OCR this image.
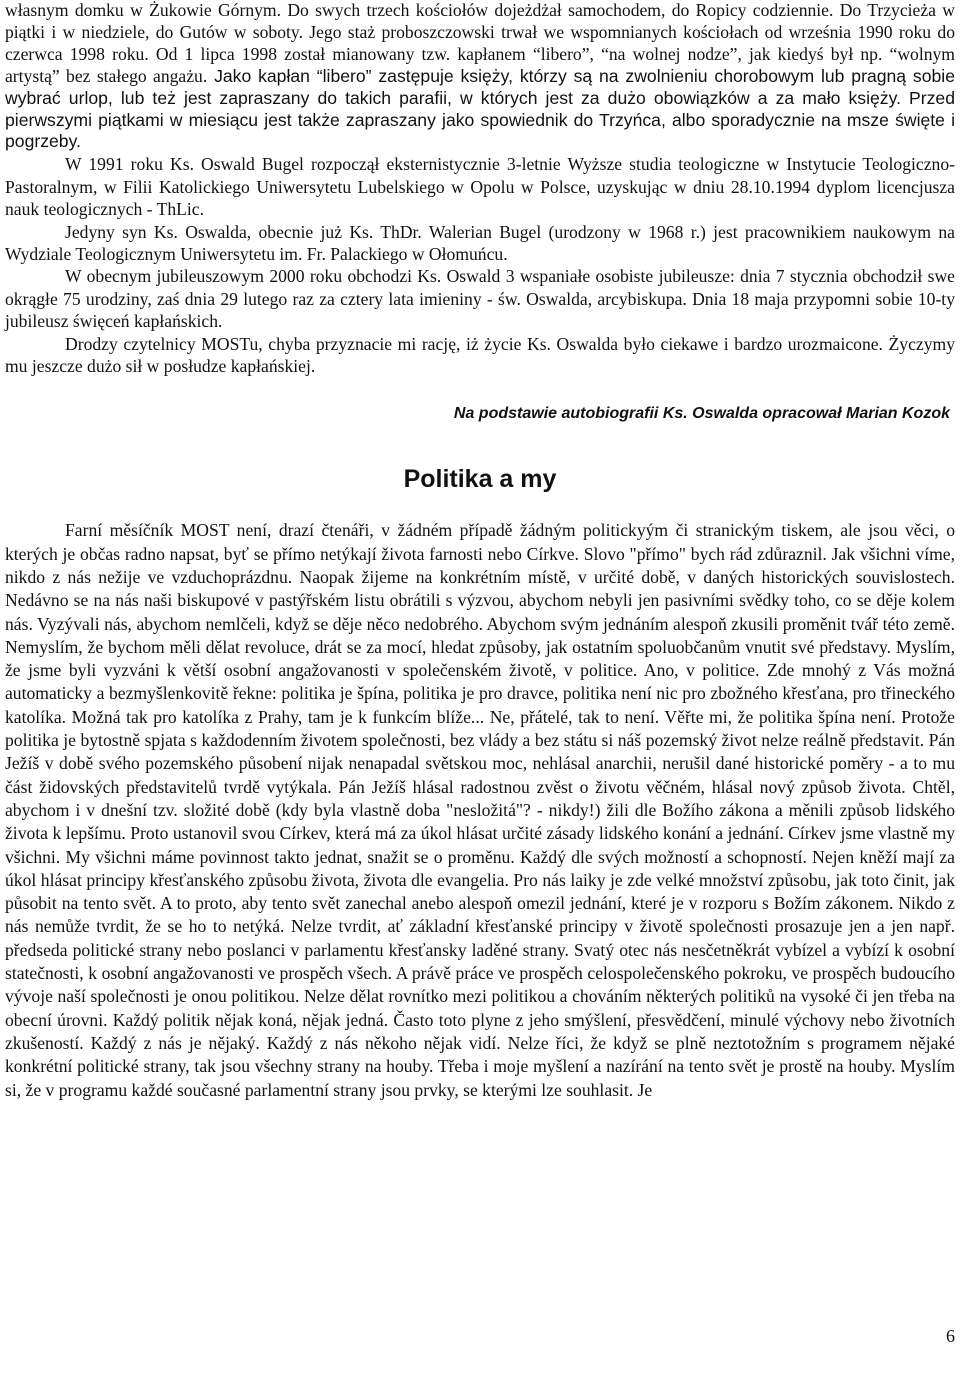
własnym domku w Żukowie Górnym. Do swych trzech kościołów dojeżdżał samochodem, do Ropicy codziennie. Do Trzycieża w piątki i w niedziele, do Gutów w soboty. Jego staż proboszczowski trwał we wspomnianych kościołach od września 1990 roku do czerwca 1998 roku. Od 1 lipca 1998 został mianowany tzw. kapłanem “libero”, “na wolnej nodze”, jak kiedyś był np. “wolnym artystą” bez stałego angażu. Jako kapłan “libero” zastępuje księży, którzy są na zwolnieniu chorobowym lub pragną sobie wybrać urlop, lub też jest zapraszany do takich parafii, w których jest za dużo obowiązków a za mało księży. Przed pierwszymi piątkami w miesiącu jest także zapraszany jako spowiednik do Trzyńca, albo sporadycznie na msze święte i pogrzeby.

W 1991 roku Ks. Oswald Bugel rozpoczął eksternistycznie 3-letnie Wyższe studia teologiczne w Instytucie Teologiczno-Pastoralnym, w Filii Katolickiego Uniwersytetu Lubelskiego w Opolu w Polsce, uzyskując w dniu 28.10.1994 dyplom licencjusza nauk teologicznych - ThLic.

Jedyny syn Ks. Oswalda, obecnie już Ks. ThDr. Walerian Bugel (urodzony w 1968 r.) jest pracownikiem naukowym na Wydziale Teologicznym Uniwersytetu im. Fr. Palackiego w Ołomuńcu.

W obecnym jubileuszowym 2000 roku obchodzi Ks. Oswald 3 wspaniałe osobiste jubileusze: dnia 7 stycznia obchodził swe okrągłe 75 urodziny, zaś dnia 29 lutego raz za cztery lata imieniny - św. Oswalda, arcybiskupa. Dnia 18 maja przypomni sobie 10-ty jubileusz święceń kapłańskich.

Drodzy czytelnicy MOSTu, chyba przyznacie mi rację, iż życie Ks. Oswalda było ciekawe i bardzo urozmaicone. Życzymy mu jeszcze dużo sił w posłudze kapłańskiej.

Na podstawie autobiografii Ks. Oswalda opracował Marian Kozok

Politika a my

Farní měsíčník MOST není, drazí čtenáři, v žádném případě žádným politickyým či stranickým tiskem, ale jsou věci, o kterých je občas radno napsat, byť se přímo netýkají života farnosti nebo Církve. Slovo "přímo" bych rád zdůraznil. Jak všichni víme, nikdo z nás nežije ve vzduchoprázdnu. Naopak žijeme na konkrétním místě, v určité době, v daných historických souvislostech. Nedávno se na nás naši biskupové v pastýřském listu obrátili s výzvou, abychom nebyli jen pasivními svědky toho, co se děje kolem nás. Vyzývali nás, abychom nemlčeli, když se děje něco nedobrého. Abychom svým jednáním alespoň zkusili proměnit tvář této země. Nemyslím, že bychom měli dělat revoluce, drát se za mocí, hledat způsoby, jak ostatním spoluobčanům vnutit své představy. Myslím, že jsme byli vyzváni k větší osobní angažovanosti v společenském životě, v politice. Ano, v politice. Zde mnohý z Vás možná automaticky a bezmyšlenkovitě řekne: politika je špína, politika je pro dravce, politika není nic pro zbožného křesťana, pro třineckého katolíka. Možná tak pro katolíka z Prahy, tam je k funkcím blíže... Ne, přátelé, tak to není. Věřte mi, že politika špína není. Protože politika je bytostně spjata s každodenním životem společnosti, bez vlády a bez státu si náš pozemský život nelze reálně představit. Pán Ježíš v době svého pozemského působení nijak nenapadal světskou moc, nehlásal anarchii, nerušil dané historické poměry - a to mu část židovských představitelů tvrdě vytýkala. Pán Ježíš hlásal radostnou zvěst o životu věčném, hlásal nový způsob života. Chtěl, abychom i v dnešní tzv. složité době (kdy byla vlastně doba "nesložitá"? - nikdy!) žili dle Božího zákona a měnili způsob lidského života k lepšímu. Proto ustanovil svou Církev, která má za úkol hlásat určité zásady lidského konání a jednání. Církev jsme vlastně my všichni. My všichni máme povinnost takto jednat, snažit se o proměnu. Každý dle svých možností a schopností. Nejen kněží mají za úkol hlásat principy křesťanského způsobu života, života dle evangelia. Pro nás laiky je zde velké množství způsobu, jak toto činit, jak působit na tento svět. A to proto, aby tento svět zanechal anebo alespoň omezil jednání, které je v rozporu s Božím zákonem. Nikdo z nás nemůže tvrdit, že se ho to netýká. Nelze tvrdit, ať základní křesťanské principy v životě společnosti prosazuje jen a jen např. předseda politické strany nebo poslanci v parlamentu křesťansky laděné strany. Svatý otec nás nesčetněkrát vybízel a vybízí k osobní statečnosti, k osobní angažovanosti ve prospěch všech. A právě práce ve prospěch celospolečenského pokroku, ve prospěch budoucího vývoje naší společnosti je onou politikou. Nelze dělat rovnítko mezi politikou a chováním některých politiků na vysoké či jen třeba na obecní úrovni. Každý politik nějak koná, nějak jedná. Často toto plyne z jeho smýšlení, přesvědčení, minulé výchovy nebo životních zkušeností. Každý z nás je nějaký. Každý z nás někoho nějak vidí. Nelze říci, že když se plně neztotožním s programem nějaké konkrétní politické strany, tak jsou všechny strany na houby. Třeba i moje myšlení a nazírání na tento svět je prostě na houby. Myslím si, že v programu každé současné parlamentní strany jsou prvky, se kterými lze souhlasit. Je

6
